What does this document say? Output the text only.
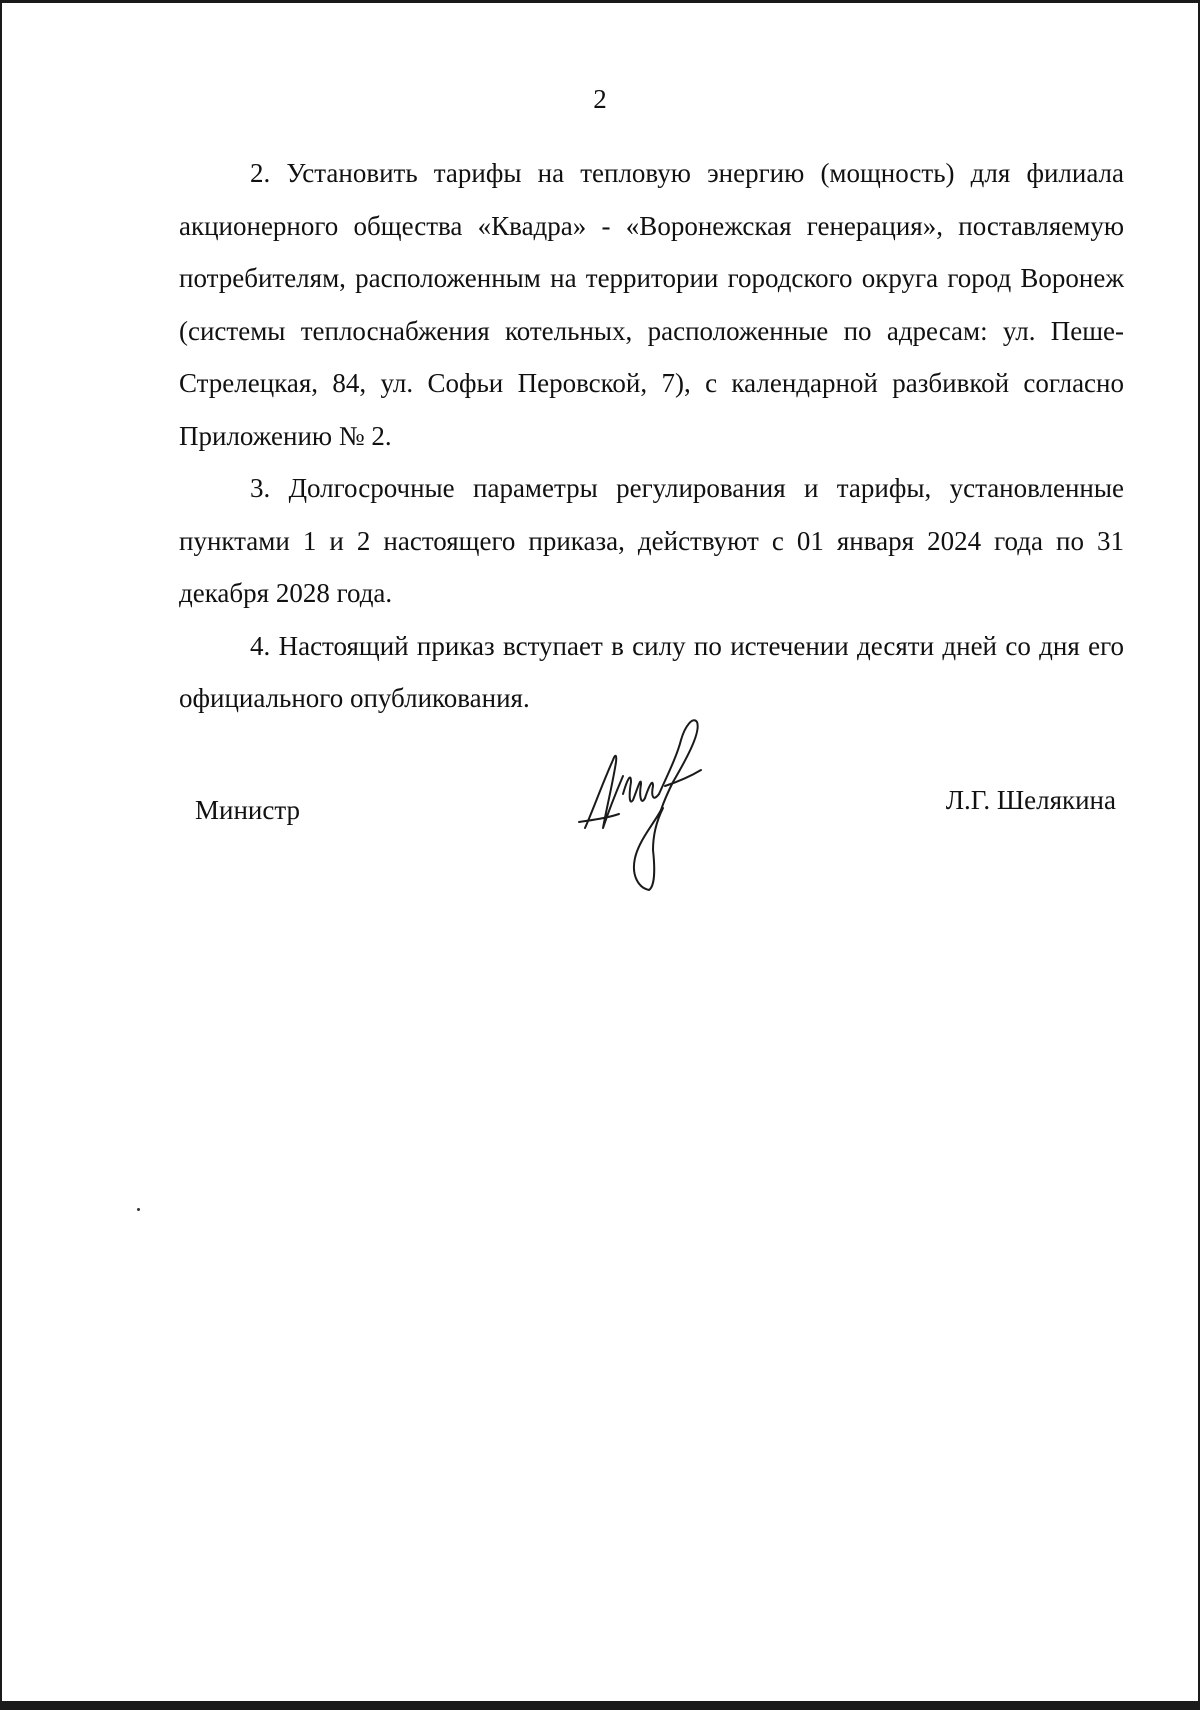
2

2. Установить тарифы на тепловую энергию (мощность) для филиала акционерного общества «Квадра» - «Воронежская генерация», поставляемую потребителям, расположенным на территории городского округа город Воронеж (системы теплоснабжения котельных, расположенные по адресам: ул. Пеше-Стрелецкая, 84, ул. Софьи Перовской, 7), с календарной разбивкой согласно Приложению № 2.

3. Долгосрочные параметры регулирования и тарифы, установленные пунктами 1 и 2 настоящего приказа, действуют с 01 января 2024 года по 31 декабря 2028 года.

4. Настоящий приказ вступает в силу по истечении десяти дней со дня его официального опубликования.

Министр	Л.Г. Шелякина
